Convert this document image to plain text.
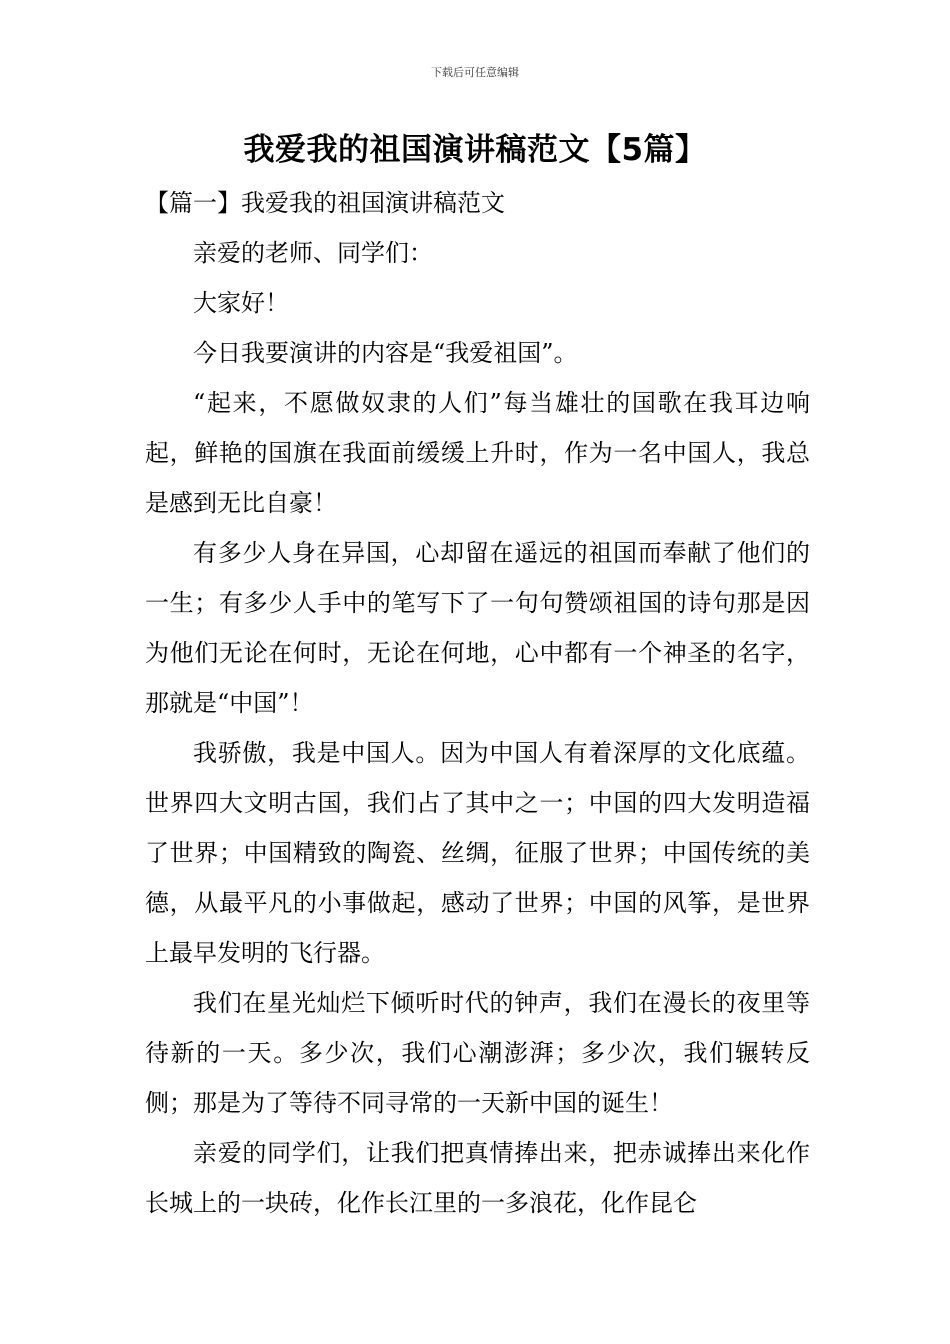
下载后可任意编辑
我爱我的祖国演讲稿范文【5篇】

【篇一】我爱我的祖国演讲稿范文

亲爱的老师、同学们：

大家好！

今日我要演讲的内容是“我爱祖国”。

“起来，不愿做奴隶的人们”每当雄壮的国歌在我耳边响起，鲜艳的国旗在我面前缓缓上升时，作为一名中国人，我总是感到无比自豪！

有多少人身在异国，心却留在遥远的祖国而奉献了他们的一生；有多少人手中的笔写下了一句句赞颂祖国的诗句那是因为他们无论在何时，无论在何地，心中都有一个神圣的名字，那就是“中国”！

我骄傲，我是中国人。因为中国人有着深厚的文化底蕴。世界四大文明古国，我们占了其中之一；中国的四大发明造福了世界；中国精致的陶瓷、丝绸，征服了世界；中国传统的美德，从最平凡的小事做起，感动了世界；中国的风筝，是世界上最早发明的飞行器。

我们在星光灿烂下倾听时代的钟声，我们在漫长的夜里等待新的一天。多少次，我们心潮澎湃；多少次，我们辗转反侧；那是为了等待不同寻常的一天新中国的诞生！

亲爱的同学们，让我们把真情捧出来，把赤诚捧出来化作长城上的一块砖，化作长江里的一多浪花，化作昆仑
